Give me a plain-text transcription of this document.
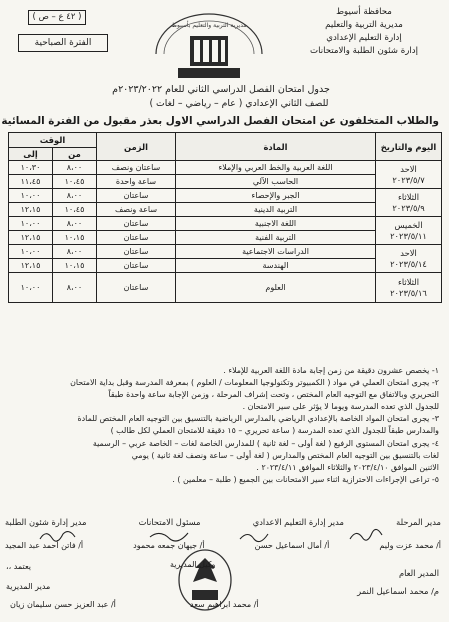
محافظة أسيوط
مديرية التربية والتعليم
إدارة التعليم الإعدادي
إدارة شئون الطلبة والامتحانات
( ٤٢ ع – ص )
الفترة الصباحية
مديرية التربية والتعليم بأسيوط
جدول امتحان الفصل الدراسي الثاني للعام ٢٠٢٣/٢٠٢٢م
للصف الثاني الإعدادي ( عام – رياضي – لغات )
والطلاب المتخلفون عن امتحان الفصل الدراسي الاول بعذر مقبول من الفترة المسائية
اليوم والتاريخ	المادة	الزمن	الوقت	
			من	إلى

الاحد
٢٠٢٣/٥/٧	اللغة العربية والخط العربي والإملاء	ساعتان ونصف	٨،٠٠	١٠،٣٠
	الحاسب الآلي	ساعة واحدة	١٠،٤٥	١١،٤٥

الثلاثاء
٢٠٢٣/٥/٩	الجبر والإحصاء	ساعتان	٨،٠٠	١٠،٠٠
	التربية الدينية	ساعة ونصف	١٠،٤٥	١٢،١٥

الخميس
٢٠٢٣/٥/١١	اللغة الاجنبية	ساعتان	٨،٠٠	١٠،٠٠
	التربية الفنية	ساعتان	١٠،١٥	١٢،١٥

الاحد
٢٠٢٣/٥/١٤	الدراسات الاجتماعية	ساعتان	٨،٠٠	١٠،٠٠
	الهندسة	ساعتان	١٠،١٥	١٢،١٥

الثلاثاء
٢٠٢٣/٥/١٦	العلوم	ساعتان	٨،٠٠	١٠،٠٠
١- يخصص عشرون دقيقة من زمن إجابة مادة اللغة العربية للإملاء .
٢- يجرى امتحان العملي في مواد ( الكمبيوتر وتكنولوجيا المعلومات / العلوم ) بمعرفة المدرسة وقبل بداية الامتحان
التحريري وبالاتفاق مع التوجيه العام المختص ، وتحت إشراف المرحلة ، وزمن الإجابة ساعة واحدة طبقاً
للجدول الذي تعده المدرسة ويوما لا يؤثر على سير الامتحان .
٣- يجرى امتحان المواد الخاصة بالإعدادي الرياضي بالمدارس الرياضية بالتنسيق بين التوجيه العام المختص للمادة
والمدارس طبقاً للجدول الذي تعده المدرسة ( ساعة تحريري – ١٥ دقيقة للامتحان العملي لكل طالب )
٤- يجرى امتحان المستوى الرفيع ( لغة أولى – لغة ثانية ) للمدارس الخاصة لغات – الخاصة عربي – الرسمية
لغات بالتنسيق بين التوجيه العام المختص والمدارس ( لغة أولى – ساعة ونصف لغة ثانية ) يومي
الاثنين الموافق ٢٠٢٣/٤/١٠ والثلاثاء الموافق ٢٠٢٣/٤/١١ .
٥- تراعى الإجراءات الاحترازية اثناء سير الامتحانات بين الجميع ( طلبة – معلمين ) .
مدير المرحلة
مدير إدارة التعليم الاعدادي
مسئول الامتحانات
مدير إدارة شئون الطلبة
أ/ محمد عزت وليم
أ/ أمال اسماعيل حسن
أ/ جيهان جمعه محمود
أ/ فاتن أحمد عبد المجيد
المدير العام
م/ محمد اسماعيل النمر
وكيل المديرية
أ/ محمد ابراهيم سعد
يعتمد ،،
مدير المديرية
أ/ عبد العزيز حسن سليمان زيان
